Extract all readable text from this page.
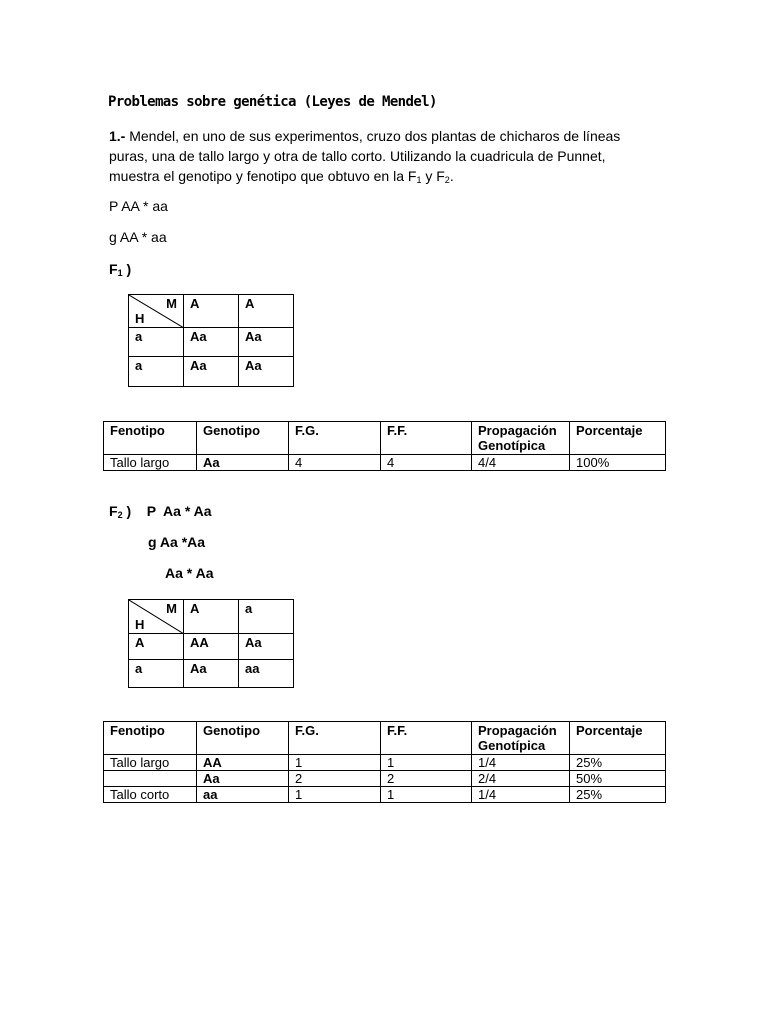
Problemas sobre genética (Leyes de Mendel)
1.- Mendel, en uno de sus experimentos, cruzo dos plantas de chicharos de líneas
puras, una de tallo largo y otra de tallo corto. Utilizando la cuadricula de Punnet,
muestra el genotipo y fenotipo que obtuvo en la $F_1$ y $F_2$.
P AA * aa
g AA * aa
$F_1$ )
M
H	A	A
a	Aa	Aa
a	Aa	Aa
Fenotipo	Genotipo	F.G.	F.F.	Propagación Genotípica	Porcentaje
Tallo largo	Aa	4	4	4/4	100%
$F_2$ )    P  Aa * Aa
g Aa *Aa
Aa * Aa
M
H	A	a
A	AA	Aa
a	Aa	aa
Fenotipo	Genotipo	F.G.	F.F.	Propagación Genotípica	Porcentaje
Tallo largo	AA	1	1	1/4	25%
	Aa	2	2	2/4	50%
Tallo corto	aa	1	1	1/4	25%
